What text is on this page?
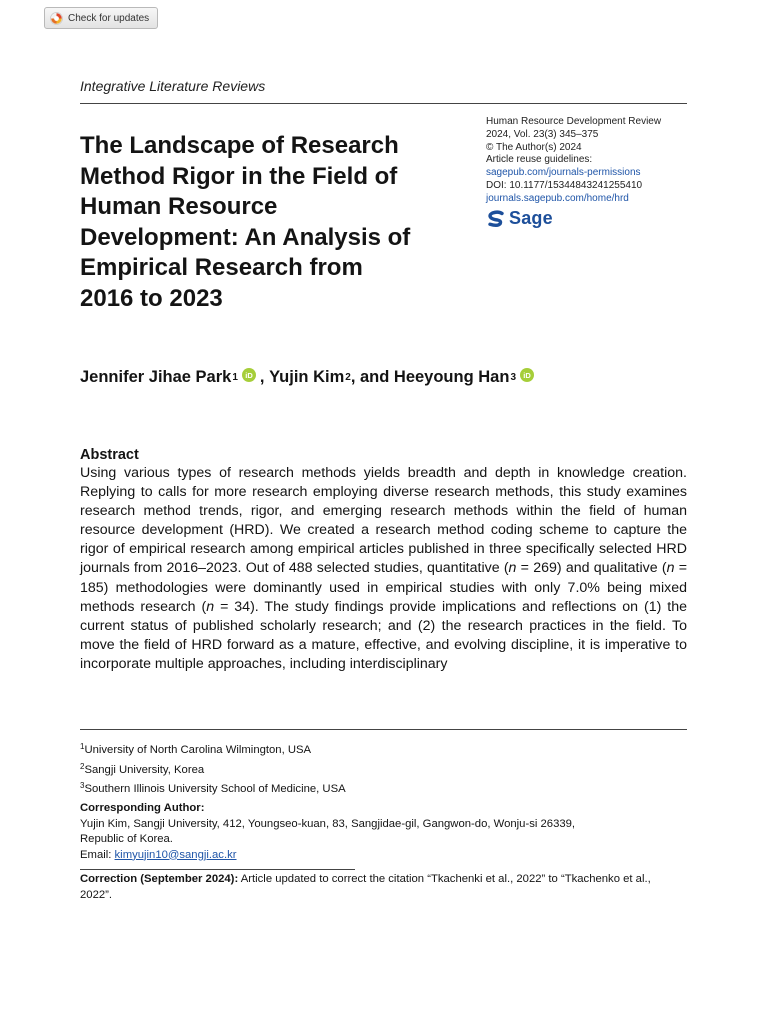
Check for updates
Integrative Literature Reviews
The Landscape of Research
Method Rigor in the Field of
Human Resource
Development: An Analysis of
Empirical Research from
2016 to 2023
Human Resource Development Review
2024, Vol. 23(3) 345–375
© The Author(s) 2024
Article reuse guidelines:
sagepub.com/journals-permissions
DOI: 10.1177/15344843241255410
journals.sagepub.com/home/hrd
Sage
Jennifer Jihae Park 1 iD , Yujin Kim 2 , and Heeyoung Han 3 iD
Abstract

Using various types of research methods yields breadth and depth in knowledge creation. Replying to calls for more research employing diverse research methods, this study examines research method trends, rigor, and emerging research methods within the field of human resource development (HRD). We created a research method coding scheme to capture the rigor of empirical research among empirical articles published in three specifically selected HRD journals from 2016–2023. Out of 488 selected studies, quantitative (n = 269) and qualitative (n = 185) methodologies were dominantly used in empirical studies with only 7.0% being mixed methods research (n = 34). The study findings provide implications and reflections on (1) the current status of published scholarly research; and (2) the research practices in the field. To move the field of HRD forward as a mature, effective, and evolving discipline, it is imperative to incorporate multiple approaches, including interdisciplinary

$^1$University of North Carolina Wilmington, USA
$^2$Sangji University, Korea
$^3$Southern Illinois University School of Medicine, USA
Corresponding Author:
Yujin Kim, Sangji University, 412, Youngseo-kuan, 83, Sangjidae-gil, Gangwon-do, Wonju-si 26339,
Republic of Korea.
Email: kimyujin10@sangji.ac.kr
Correction (September 2024): Article updated to correct the citation “Tkachenki et al., 2022” to “Tkachenko et al., 2022”.
